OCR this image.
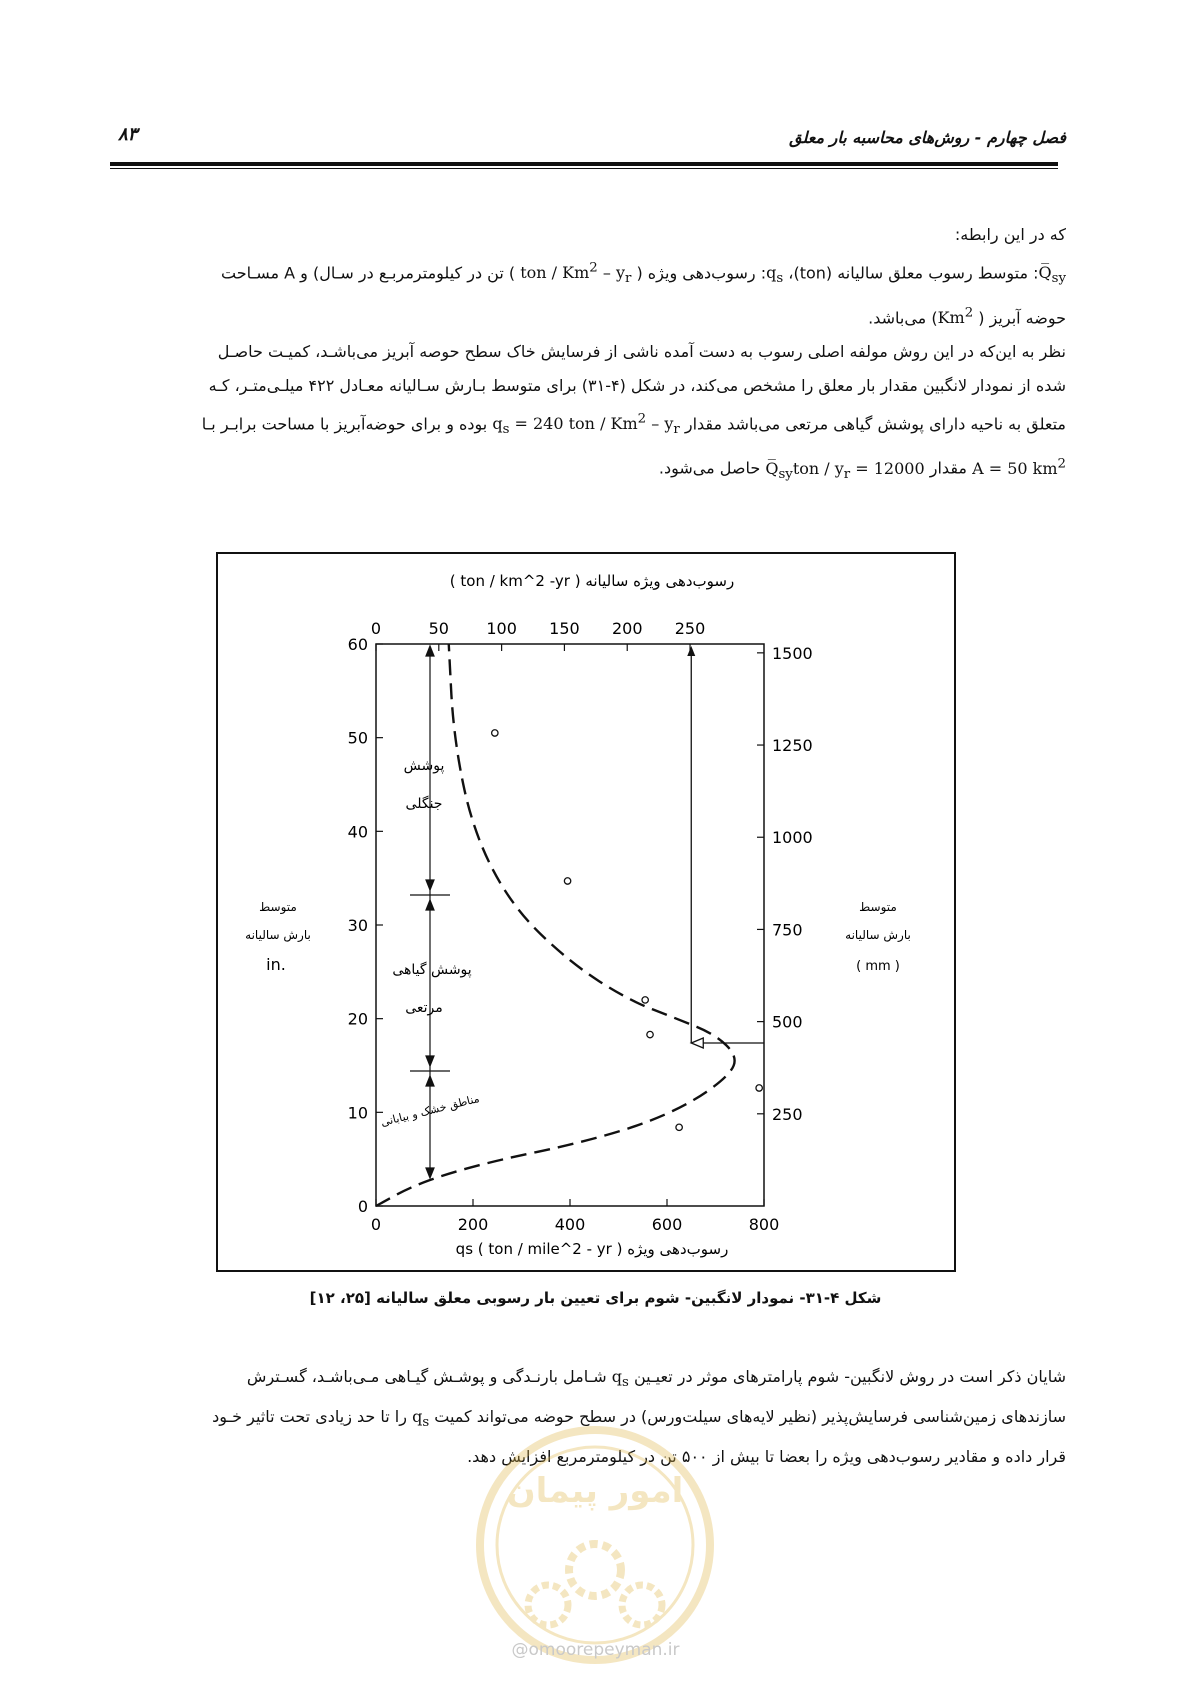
فصل چهارم - روش‌های محاسبه بار معلق
۸۳
که در این رابطه:
$Q̅_{sy}$: متوسط رسوب معلق سالیانه (ton)، $q_s$: رسوب‌دهی ویژه ( ton / $Km^2 - y_r$ ) تن در کیلومترمربـع در سـال) و A مسـاحت
حوضه آبریز ( Km$^2$) می‌باشد.
نظر به این‌که در این روش مولفه اصلی رسوب به دست آمده ناشی از فرسایش خاک سطح حوصه آبریز می‌باشـد، کمیـت حاصـل
شده از نمودار لانگبین مقدار بار معلق را مشخص می‌کند، در شکل (۴-۳۱) برای متوسط بـارش سـالیانه معـادل ۴۲۲ میلـی‌متـر، کـه
متعلق به ناحیه دارای پوشش گیاهی مرتعی می‌باشد مقدار $q_s = 240$ ton / $Km^2 - y_r$ بوده و برای حوضه‌آبریز با مساحت برابـر بـا
A = 50 $km^2$ مقدار $Q̅_{sy}ton / y_r = 12000$ حاصل می‌شود.
رسوب‌دهی ویژه سالیانه ( ton / km^2 -yr )
رسوب‌دهی ویژه qs ( ton / mile^2 - yr )
متوسط
بارش سالیانه
in.
متوسط
بارش سالیانه
( mm )
پوشش
جنگلی
پوشش گیاهی
مرتعی
مناطق خشک و بیابانی
0
10
20
30
40
50
60
250
500
750
1000
1250
1500
0	200	400	600	800
0	50 100 150 200 250
شکل ۴-۳۱- نمودار لانگبین- شوم برای تعیین بار رسوبی معلق سالیانه [۲۵، ۱۲]
شایان ذکر است در روش لانگبین- شوم پارامترهای موثر در تعیـین $q_s$ شـامل بارنـدگی و پوشـش گیـاهی مـی‌باشـد، گسـترش
سازندهای زمین‌شناسی فرسایش‌پذیر (نظیر لایه‌های سیلت‌ورس) در سطح حوضه می‌تواند کمیت $q_s$ را تا حد زیادی تحت تاثیر خـود
قرار داده و مقادیر رسوب‌دهی ویژه را بعضا تا بیش از ۵۰۰ تن در کیلومترمربع افزایش دهد.
امور پیمان
@omoorepeyman.ir
